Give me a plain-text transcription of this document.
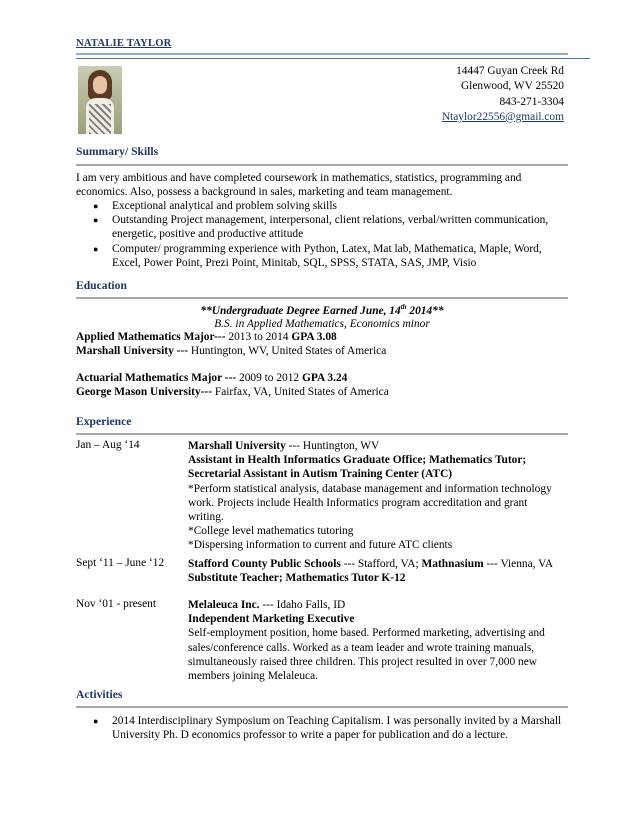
NATALIE TAYLOR
14447 Guyan Creek Rd
Glenwood, WV 25520
843-271-3304
Ntaylor22556@gmail.com
Summary/ Skills
I am very ambitious and have completed coursework in mathematics, statistics, programming and economics. Also, possess a background in sales, marketing and team management.
● Exceptional analytical and problem solving skills
● Outstanding Project management, interpersonal, client relations, verbal/written communication, energetic, positive and productive attitude
● Computer/ programming experience with Python, Latex, Mat lab, Mathematica, Maple, Word, Excel, Power Point, Prezi Point, Minitab, SQL, SPSS, STATA, SAS, JMP, Visio
Education
**Undergraduate Degree Earned June, 14th 2014**
B.S. in Applied Mathematics, Economics minor
Applied Mathematics Major--- 2013 to 2014 GPA 3.08
Marshall University --- Huntington, WV, United States of America
Actuarial Mathematics Major --- 2009 to 2012 GPA 3.24
George Mason University--- Fairfax, VA, United States of America
Experience
Jan – Aug ‘14	Marshall University --- Huntington, WV
Assistant in Health Informatics Graduate Office; Mathematics Tutor;
Secretarial Assistant in Autism Training Center (ATC)
*Perform statistical analysis, database management and information technology
work. Projects include Health Informatics program accreditation and grant
writing.
*College level mathematics tutoring
*Dispersing information to current and future ATC clients
Sept ‘11 – June ‘12 Stafford County Public Schools --- Stafford, VA; Mathnasium --- Vienna, VA
Substitute Teacher; Mathematics Tutor K-12
Nov ‘01 - present	Melaleuca Inc. --- Idaho Falls, ID
Independent Marketing Executive
Self-employment position, home based. Performed marketing, advertising and
sales/conference calls. Worked as a team leader and wrote training manuals,
simultaneously raised three children. This project resulted in over 7,000 new
members joining Melaleuca.
Activities
● 2014 Interdisciplinary Symposium on Teaching Capitalism. I was personally invited by a Marshall University Ph. D economics professor to write a paper for publication and do a lecture.
